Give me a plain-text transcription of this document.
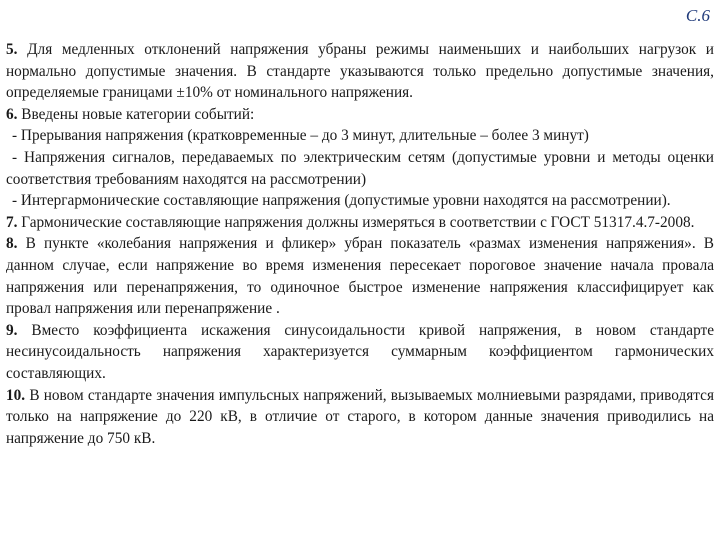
С.6

5. Для медленных отклонений напряжения убраны режимы наименьших и наибольших нагрузок и нормально допустимые значения. В стандарте указываются только предельно допустимые значения, определяемые границами ±10% от номинального напряжения.

6. Введены новые категории событий:

- Прерывания напряжения (кратковременные – до 3 минут, длительные – более 3 минут)

- Напряжения сигналов, передаваемых по электрическим сетям (допустимые уровни и методы оценки соответствия требованиям находятся на рассмотрении)

- Интергармонические составляющие напряжения (допустимые уровни находятся на рассмотрении).

7. Гармонические составляющие напряжения должны измеряться в соответствии с ГОСТ 51317.4.7-2008.

8. В пункте «колебания напряжения и фликер» убран показатель «размах изменения напряжения». В данном случае, если напряжение во время изменения пересекает пороговое значение начала провала напряжения или перенапряжения, то одиночное быстрое изменение напряжения классифицирует как провал напряжения или перенапряжение .

9. Вместо коэффициента искажения синусоидальности кривой напряжения, в новом стандарте несинусоидальность напряжения характеризуется суммарным коэффициентом гармонических составляющих.

10. В новом стандарте значения импульсных напряжений, вызываемых молниевыми разрядами, приводятся только на напряжение до 220 кВ, в отличие от старого, в котором данные значения приводились на напряжение до 750 кВ.
